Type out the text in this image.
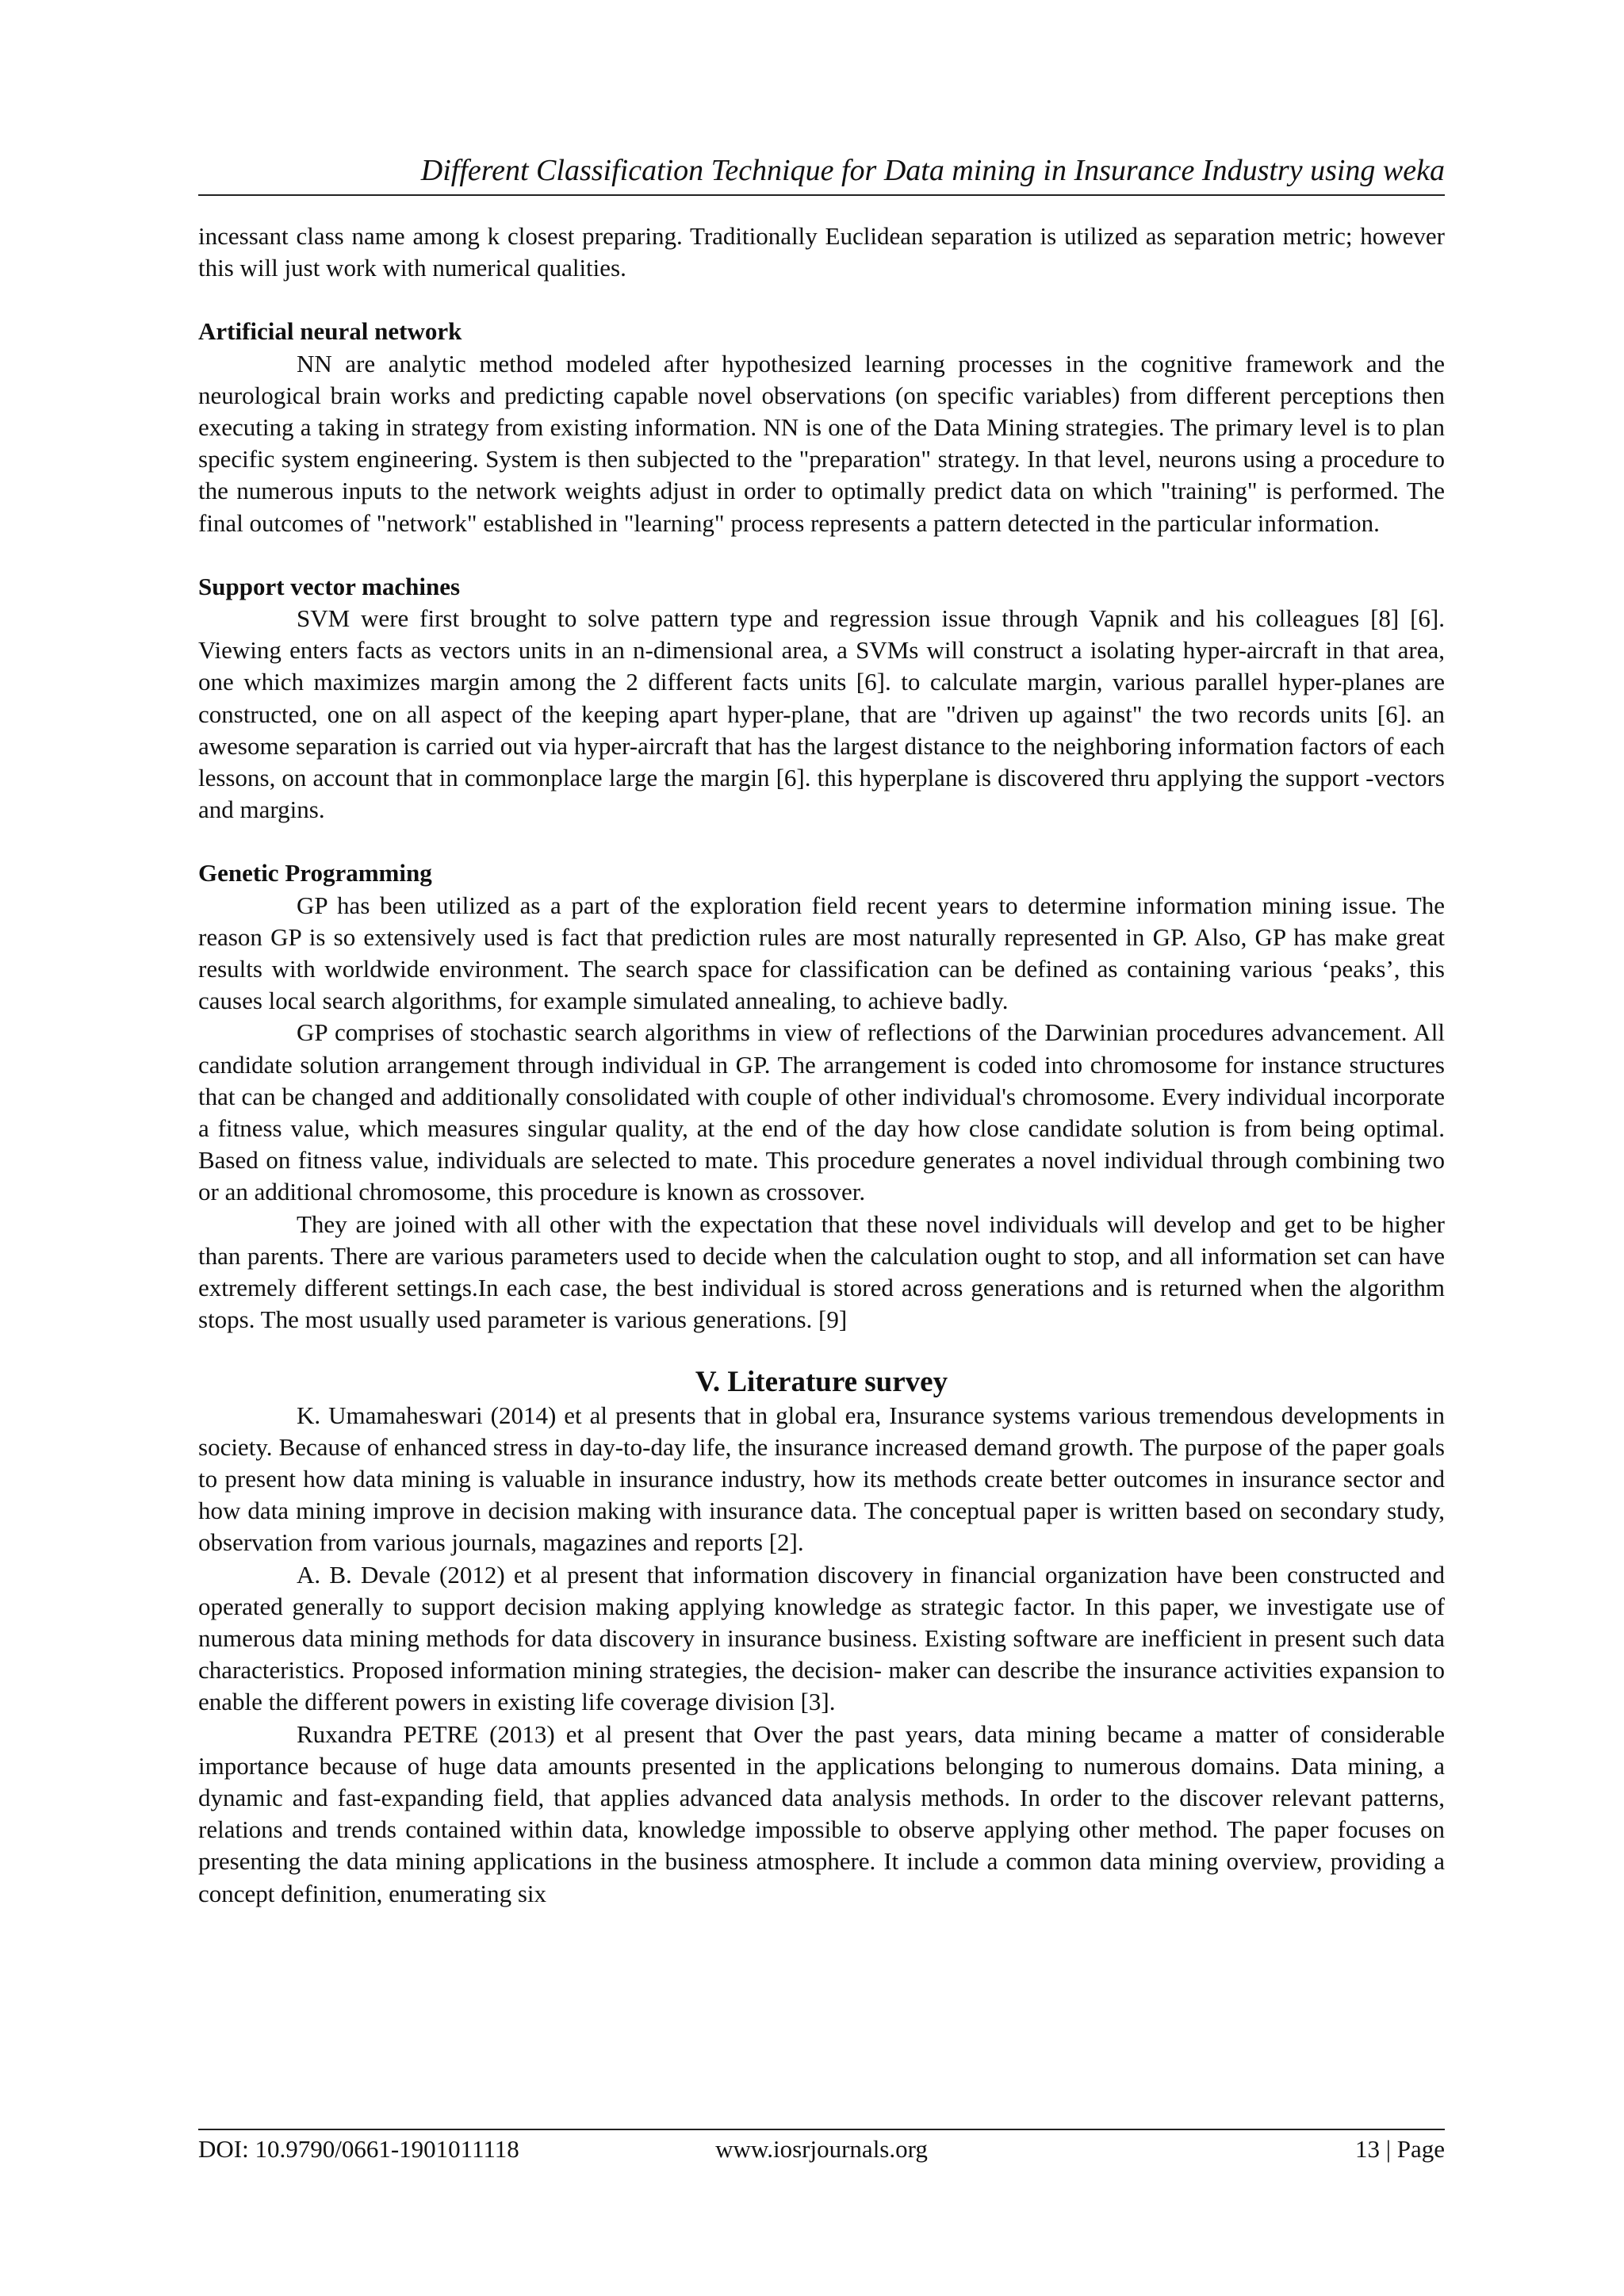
Different Classification Technique for Data mining in Insurance Industry using weka

incessant class name among k closest preparing. Traditionally Euclidean separation is utilized as separation metric; however this will just work with numerical qualities.

Artificial neural network

NN are analytic method modeled after hypothesized learning processes in the cognitive framework and the neurological brain works and predicting capable novel observations (on specific variables) from different perceptions then executing a taking in strategy from existing information. NN is one of the Data Mining strategies. The primary level is to plan specific system engineering. System is then subjected to the "preparation" strategy. In that level, neurons using a procedure to the numerous inputs to the network weights adjust in order to optimally predict data on which "training" is performed. The final outcomes of "network" established in "learning" process represents a pattern detected in the particular information.

Support vector machines

SVM were first brought to solve pattern type and regression issue through Vapnik and his colleagues [8] [6]. Viewing enters facts as vectors units in an n-dimensional area, a SVMs will construct a isolating hyper-aircraft in that area, one which maximizes margin among the 2 different facts units [6]. to calculate margin, various parallel hyper-planes are constructed, one on all aspect of the keeping apart hyper-plane, that are "driven up against" the two records units [6]. an awesome separation is carried out via hyper-aircraft that has the largest distance to the neighboring information factors of each lessons, on account that in commonplace large the margin [6]. this hyperplane is discovered thru applying the support -vectors and margins.

Genetic Programming

GP has been utilized as a part of the exploration field recent years to determine information mining issue. The reason GP is so extensively used is fact that prediction rules are most naturally represented in GP. Also, GP has make great results with worldwide environment. The search space for classification can be defined as containing various ‘peaks’, this causes local search algorithms, for example simulated annealing, to achieve badly.

GP comprises of stochastic search algorithms in view of reflections of the Darwinian procedures advancement. All candidate solution arrangement through individual in GP. The arrangement is coded into chromosome for instance structures that can be changed and additionally consolidated with couple of other individual's chromosome. Every individual incorporate a fitness value, which measures singular quality, at the end of the day how close candidate solution is from being optimal. Based on fitness value, individuals are selected to mate. This procedure generates a novel individual through combining two or an additional chromosome, this procedure is known as crossover.

They are joined with all other with the expectation that these novel individuals will develop and get to be higher than parents. There are various parameters used to decide when the calculation ought to stop, and all information set can have extremely different settings.In each case, the best individual is stored across generations and is returned when the algorithm stops. The most usually used parameter is various generations. [9]

V. Literature survey

K. Umamaheswari (2014) et al presents that in global era, Insurance systems various tremendous developments in society. Because of enhanced stress in day-to-day life, the insurance increased demand growth. The purpose of the paper goals to present how data mining is valuable in insurance industry, how its methods create better outcomes in insurance sector and how data mining improve in decision making with insurance data. The conceptual paper is written based on secondary study, observation from various journals, magazines and reports [2].

A. B. Devale (2012) et al present that information discovery in financial organization have been constructed and operated generally to support decision making applying knowledge as strategic factor. In this paper, we investigate use of numerous data mining methods for data discovery in insurance business. Existing software are inefficient in present such data characteristics. Proposed information mining strategies, the decision- maker can describe the insurance activities expansion to enable the different powers in existing life coverage division [3].

Ruxandra PETRE (2013) et al present that Over the past years, data mining became a matter of considerable importance because of huge data amounts presented in the applications belonging to numerous domains. Data mining, a dynamic and fast-expanding field, that applies advanced data analysis methods. In order to the discover relevant patterns, relations and trends contained within data, knowledge impossible to observe applying other method. The paper focuses on presenting the data mining applications in the business atmosphere. It include a common data mining overview, providing a concept definition, enumerating six

DOI: 10.9790/0661-1901011118	www.iosrjournals.org	13 | Page
